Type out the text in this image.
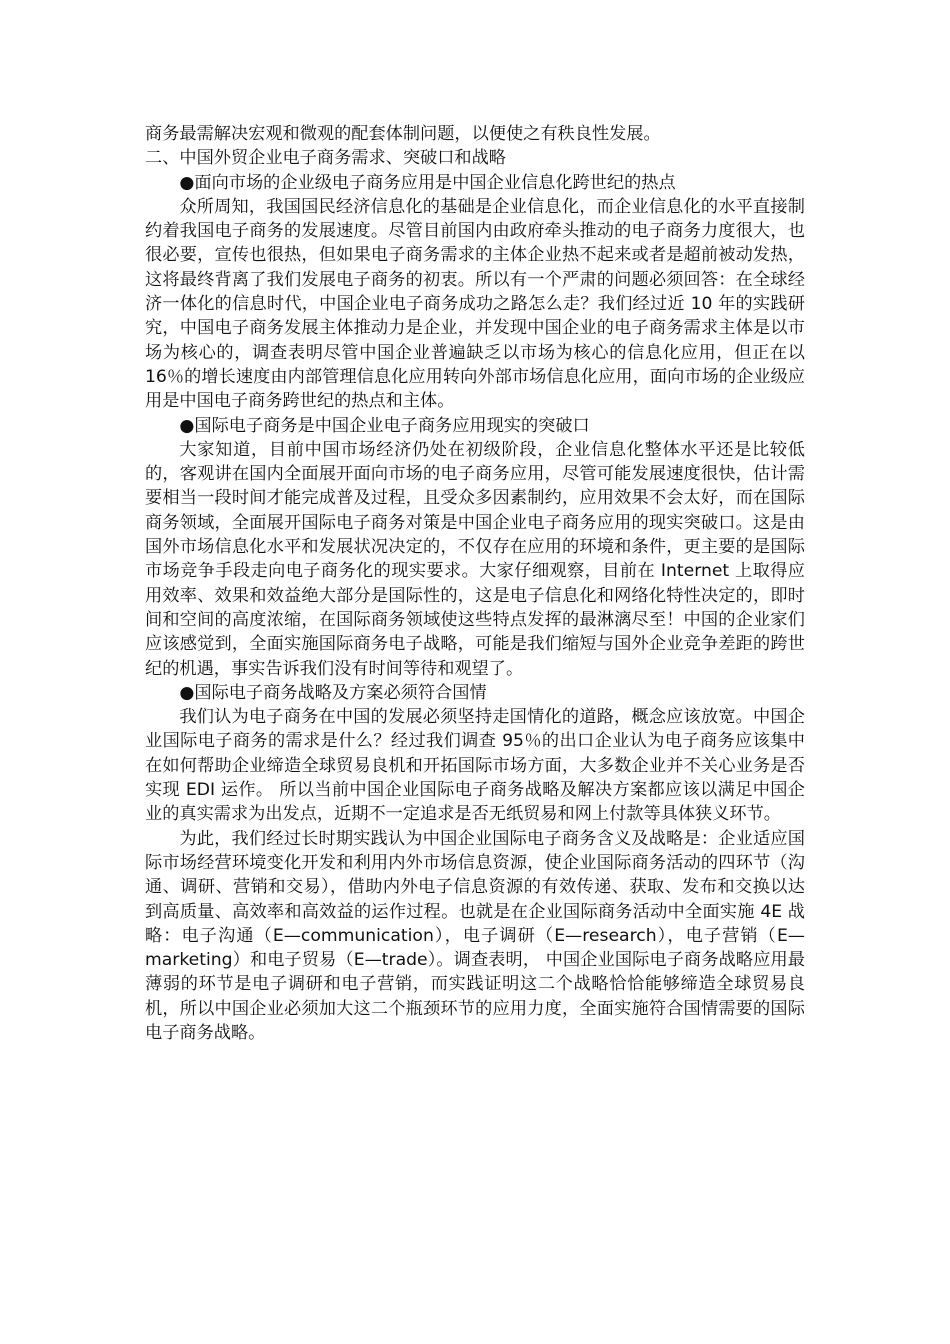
商务最需解决宏观和微观的配套体制问题，以便使之有秩良性发展。

二、中国外贸企业电子商务需求、突破口和战略

●面向市场的企业级电子商务应用是中国企业信息化跨世纪的热点

众所周知，我国国民经济信息化的基础是企业信息化，而企业信息化的水平直接制约着我国电子商务的发展速度。尽管目前国内由政府牵头推动的电子商务力度很大，也很必要，宣传也很热，但如果电子商务需求的主体企业热不起来或者是超前被动发热，这将最终背离了我们发展电子商务的初衷。所以有一个严肃的问题必须回答：在全球经济一体化的信息时代，中国企业电子商务成功之路怎么走？我们经过近 10 年的实践研究，中国电子商务发展主体推动力是企业，并发现中国企业的电子商务需求主体是以市场为核心的，调查表明尽管中国企业普遍缺乏以市场为核心的信息化应用，但正在以 16％的增长速度由内部管理信息化应用转向外部市场信息化应用，面向市场的企业级应用是中国电子商务跨世纪的热点和主体。

●国际电子商务是中国企业电子商务应用现实的突破口

大家知道，目前中国市场经济仍处在初级阶段，企业信息化整体水平还是比较低的，客观讲在国内全面展开面向市场的电子商务应用，尽管可能发展速度很快，估计需要相当一段时间才能完成普及过程，且受众多因素制约，应用效果不会太好，而在国际商务领域，全面展开国际电子商务对策是中国企业电子商务应用的现实突破口。这是由国外市场信息化水平和发展状况决定的，不仅存在应用的环境和条件，更主要的是国际市场竞争手段走向电子商务化的现实要求。大家仔细观察，目前在 Internet 上取得应用效率、效果和效益绝大部分是国际性的，这是电子信息化和网络化特性决定的，即时间和空间的高度浓缩，在国际商务领域使这些特点发挥的最淋漓尽至！中国的企业家们应该感觉到，全面实施国际商务电子战略，可能是我们缩短与国外企业竞争差距的跨世纪的机遇，事实告诉我们没有时间等待和观望了。

●国际电子商务战略及方案必须符合国情

我们认为电子商务在中国的发展必须坚持走国情化的道路，概念应该放宽。中国企业国际电子商务的需求是什么？经过我们调查 95％的出口企业认为电子商务应该集中在如何帮助企业缔造全球贸易良机和开拓国际市场方面，大多数企业并不关心业务是否实现 EDI 运作。 所以当前中国企业国际电子商务战略及解决方案都应该以满足中国企业的真实需求为出发点，近期不一定追求是否无纸贸易和网上付款等具体狭义环节。

为此，我们经过长时期实践认为中国企业国际电子商务含义及战略是：企业适应国际市场经营环境变化开发和利用内外市场信息资源，使企业国际商务活动的四环节（沟通、调研、营销和交易），借助内外电子信息资源的有效传递、获取、发布和交换以达到高质量、高效率和高效益的运作过程。也就是在企业国际商务活动中全面实施 4E 战略：电子沟通（E—communication），电子调研（E—research），电子营销（E—marketing）和电子贸易（E—trade）。调查表明， 中国企业国际电子商务战略应用最薄弱的环节是电子调研和电子营销，而实践证明这二个战略恰恰能够缔造全球贸易良机，所以中国企业必须加大这二个瓶颈环节的应用力度，全面实施符合国情需要的国际电子商务战略。
